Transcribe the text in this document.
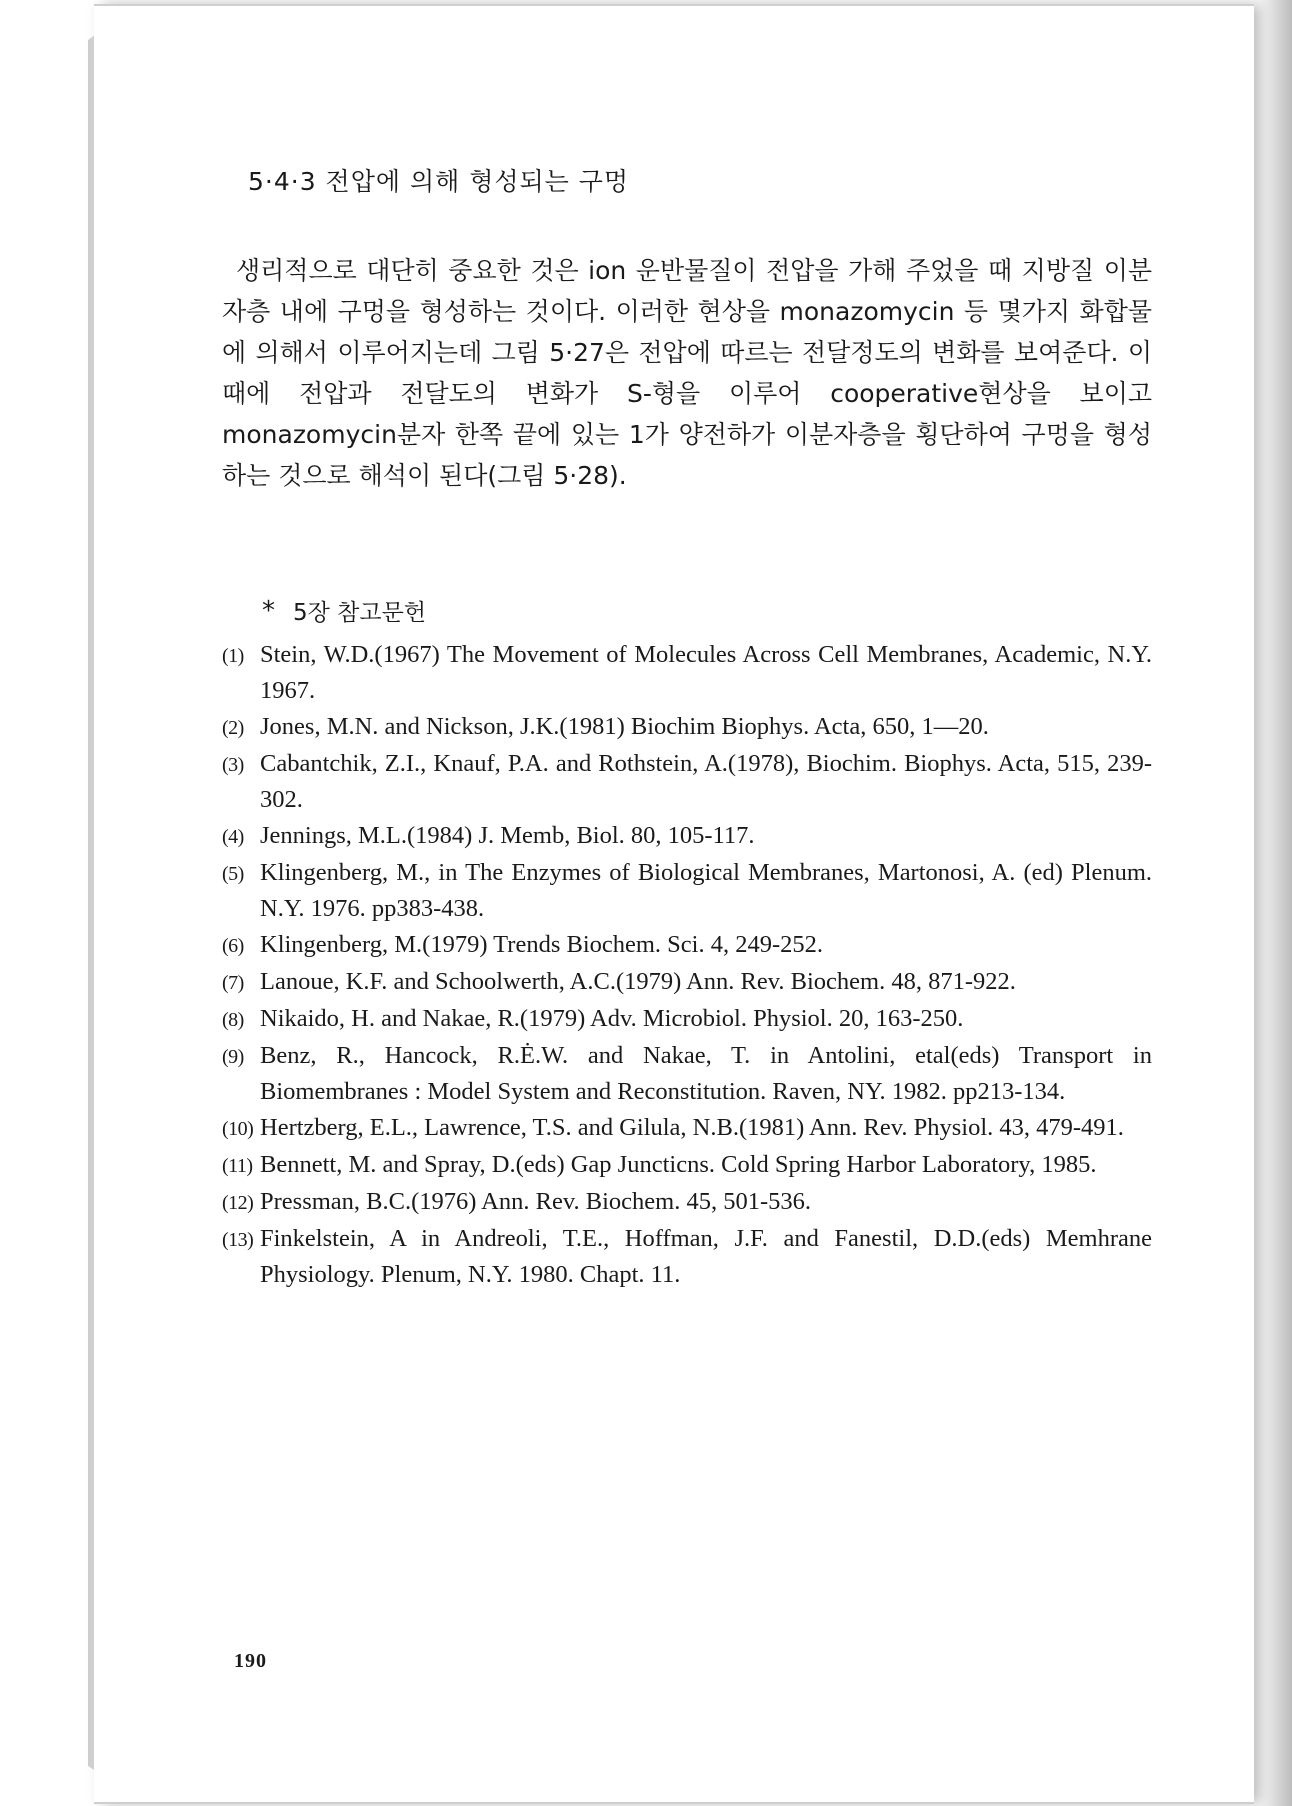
5·4·3 전압에 의해 형성되는 구멍

생리적으로 대단히 중요한 것은 ion 운반물질이 전압을 가해 주었을 때 지방질 이분자층 내에 구멍을 형성하는 것이다. 이러한 현상을 monazomycin 등 몇가지 화합물에 의해서 이루어지는데 그림 5·27은 전압에 따르는 전달정도의 변화를 보여준다. 이때에 전압과 전달도의 변화가 S-형을 이루어 cooperative현상을 보이고 monazomycin분자 한쪽 끝에 있는 1가 양전하가 이분자층을 횡단하여 구멍을 형성하는 것으로 해석이 된다(그림 5·28).

* 5장 참고문헌
(1) Stein, W.D.(1967) The Movement of Molecules Across Cell Membranes, Academic, N.Y. 1967.
(2) Jones, M.N. and Nickson, J.K.(1981) Biochim Biophys. Acta, 650, 1—20.
(3) Cabantchik, Z.I., Knauf, P.A. and Rothstein, A.(1978), Biochim. Biophys. Acta, 515, 239-302.
(4) Jennings, M.L.(1984) J. Memb, Biol. 80, 105-117.
(5) Klingenberg, M., in The Enzymes of Biological Membranes, Martonosi, A. (ed) Plenum. N.Y. 1976. pp383-438.
(6) Klingenberg, M.(1979) Trends Biochem. Sci. 4, 249-252.
(7) Lanoue, K.F. and Schoolwerth, A.C.(1979) Ann. Rev. Biochem. 48, 871-922.
(8) Nikaido, H. and Nakae, R.(1979) Adv. Microbiol. Physiol. 20, 163-250.
(9) Benz, R., Hancock, R.Ė.W. and Nakae, T. in Antolini, etal(eds) Transport in Biomembranes : Model System and Reconstitution. Raven, NY. 1982. pp213-134.
(10) Hertzberg, E.L., Lawrence, T.S. and Gilula, N.B.(1981) Ann. Rev. Physiol. 43, 479-491.
(11) Bennett, M. and Spray, D.(eds) Gap Juncticns. Cold Spring Harbor Laboratory, 1985.
(12) Pressman, B.C.(1976) Ann. Rev. Biochem. 45, 501-536.
(13) Finkelstein, A in Andreoli, T.E., Hoffman, J.F. and Fanestil, D.D.(eds) Memhrane Physiology. Plenum, N.Y. 1980. Chapt. 11.
190
